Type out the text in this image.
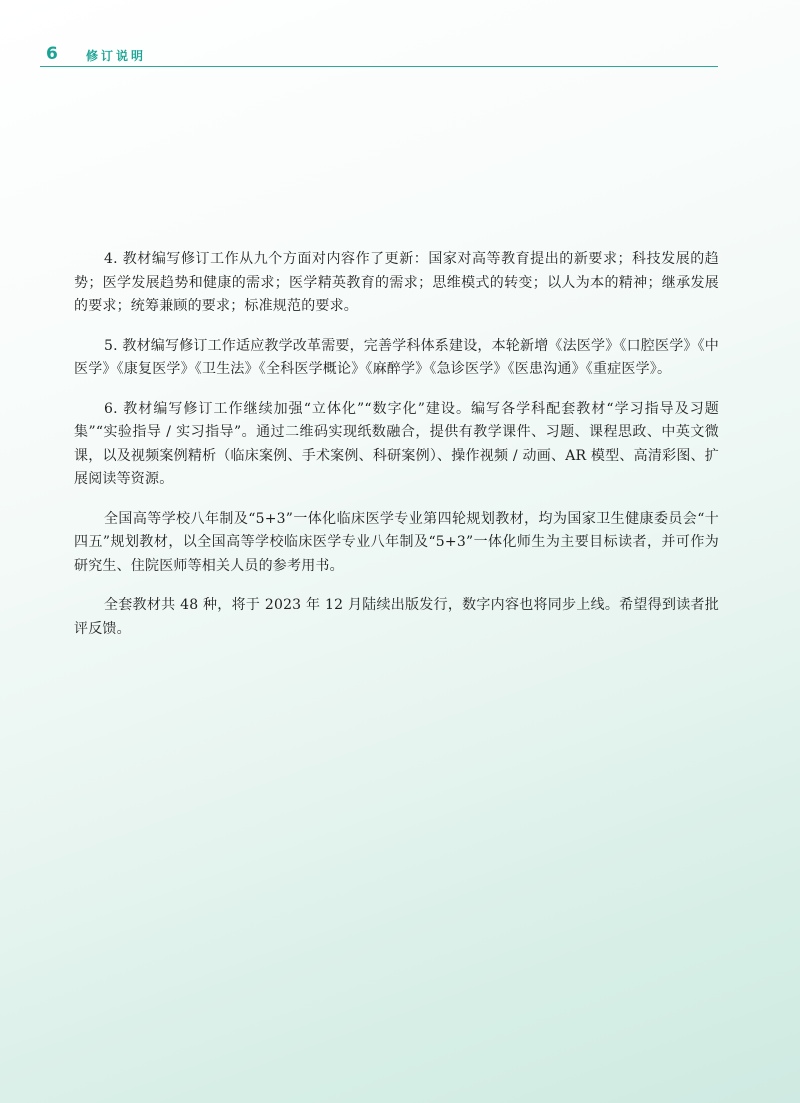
6 修订说明

4. 教材编写修订工作从九个方面对内容作了更新：国家对高等教育提出的新要求；科技发展的趋势；医学发展趋势和健康的需求；医学精英教育的需求；思维模式的转变；以人为本的精神；继承发展的要求；统筹兼顾的要求；标准规范的要求。

5. 教材编写修订工作适应教学改革需要，完善学科体系建设，本轮新增《法医学》《口腔医学》《中医学》《康复医学》《卫生法》《全科医学概论》《麻醉学》《急诊医学》《医患沟通》《重症医学》。

6. 教材编写修订工作继续加强“立体化”“数字化”建设。编写各学科配套教材“学习指导及习题集”“实验指导 / 实习指导”。通过二维码实现纸数融合，提供有教学课件、习题、课程思政、中英文微课，以及视频案例精析（临床案例、手术案例、科研案例）、操作视频 / 动画、AR 模型、高清彩图、扩展阅读等资源。

全国高等学校八年制及“5+3”一体化临床医学专业第四轮规划教材，均为国家卫生健康委员会“十四五”规划教材，以全国高等学校临床医学专业八年制及“5+3”一体化师生为主要目标读者，并可作为研究生、住院医师等相关人员的参考用书。

全套教材共 48 种，将于 2023 年 12 月陆续出版发行，数字内容也将同步上线。希望得到读者批评反馈。
